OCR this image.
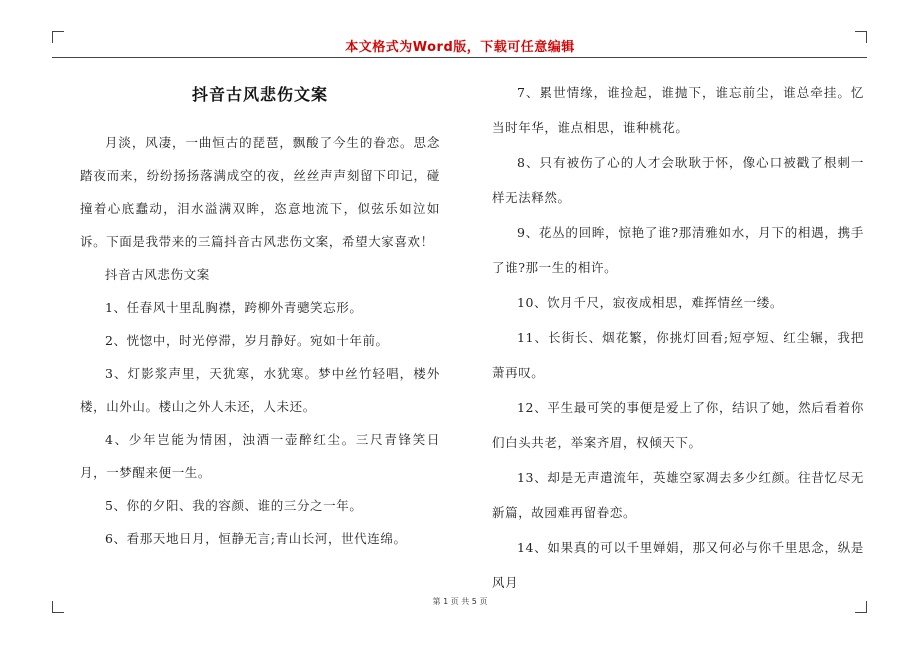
本文格式为Word版，下载可任意编辑
抖音古风悲伤文案

月淡，风凄，一曲恒古的琵琶，飘酸了今生的眷恋。思念踏夜而来，纷纷扬扬落满成空的夜，丝丝声声刻留下印记，碰撞着心底蠢动，泪水溢满双眸，恣意地流下，似弦乐如泣如诉。下面是我带来的三篇抖音古风悲伤文案，希望大家喜欢！

抖音古风悲伤文案

1、任春风十里乱胸襟，跨柳外青骢笑忘形。

2、恍惚中，时光停滞，岁月静好。宛如十年前。

3、灯影浆声里，天犹寒，水犹寒。梦中丝竹轻唱，楼外楼，山外山。楼山之外人未还，人未还。

4、少年岂能为情困，浊酒一壶醉红尘。三尺青锋笑日月，一梦醒来便一生。

5、你的夕阳、我的容颜、谁的三分之一年。

6、看那天地日月，恒静无言;青山长河，世代连绵。

7、累世情缘，谁捡起，谁抛下，谁忘前尘，谁总牵挂。忆当时年华，谁点相思，谁种桃花。

8、只有被伤了心的人才会耿耿于怀，像心口被戳了根刺一样无法释然。

9、花丛的回眸，惊艳了谁?那清雅如水，月下的相遇，携手了谁?那一生的相许。

10、饮月千尺，寂夜成相思，难挥情丝一缕。

11、长街长、烟花繁，你挑灯回看;短亭短、红尘辗，我把萧再叹。

12、平生最可笑的事便是爱上了你，结识了她，然后看着你们白头共老，举案齐眉，权倾天下。

13、却是无声遣流年，英雄空冢凋去多少红颜。往昔忆尽无新篇，故园难再留眷恋。

14、如果真的可以千里婵娟，那又何必与你千里思念，纵是风月

第 1 页 共 5 页
